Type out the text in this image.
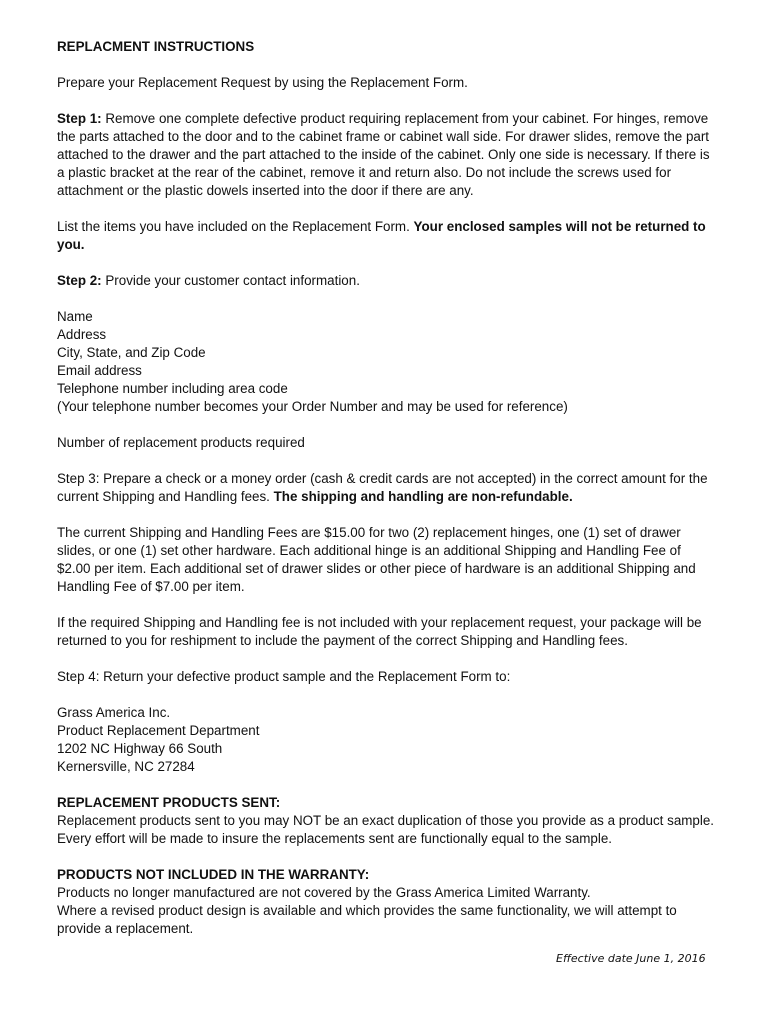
REPLACMENT INSTRUCTIONS

Prepare your Replacement Request by using the Replacement Form.

Step 1: Remove one complete defective product requiring replacement from your cabinet. For hinges, remove the parts attached to the door and to the cabinet frame or cabinet wall side. For drawer slides, remove the part attached to the drawer and the part attached to the inside of the cabinet. Only one side is necessary. If there is a plastic bracket at the rear of the cabinet, remove it and return also. Do not include the screws used for attachment or the plastic dowels inserted into the door if there are any.

List the items you have included on the Replacement Form. Your enclosed samples will not be returned to you.

Step 2: Provide your customer contact information.

Name
Address
City, State, and Zip Code
Email address
Telephone number including area code
(Your telephone number becomes your Order Number and may be used for reference)

Number of replacement products required

Step 3: Prepare a check or a money order (cash & credit cards are not accepted) in the correct amount for the current Shipping and Handling fees. The shipping and handling are non-refundable.

The current Shipping and Handling Fees are $15.00 for two (2) replacement hinges, one (1) set of drawer slides, or one (1) set other hardware. Each additional hinge is an additional Shipping and Handling Fee of $2.00 per item. Each additional set of drawer slides or other piece of hardware is an additional Shipping and Handling Fee of $7.00 per item.

If the required Shipping and Handling fee is not included with your replacement request, your package will be returned to you for reshipment to include the payment of the correct Shipping and Handling fees.

Step 4: Return your defective product sample and the Replacement Form to:

Grass America Inc.
Product Replacement Department
1202 NC Highway 66 South
Kernersville, NC 27284
REPLACEMENT PRODUCTS SENT:
Replacement products sent to you may NOT be an exact duplication of those you provide as a product sample. Every effort will be made to insure the replacements sent are functionally equal to the sample.
PRODUCTS NOT INCLUDED IN THE WARRANTY:
Products no longer manufactured are not covered by the Grass America Limited Warranty.
Where a revised product design is available and which provides the same functionality, we will attempt to provide a replacement.
Effective date June 1, 2016
